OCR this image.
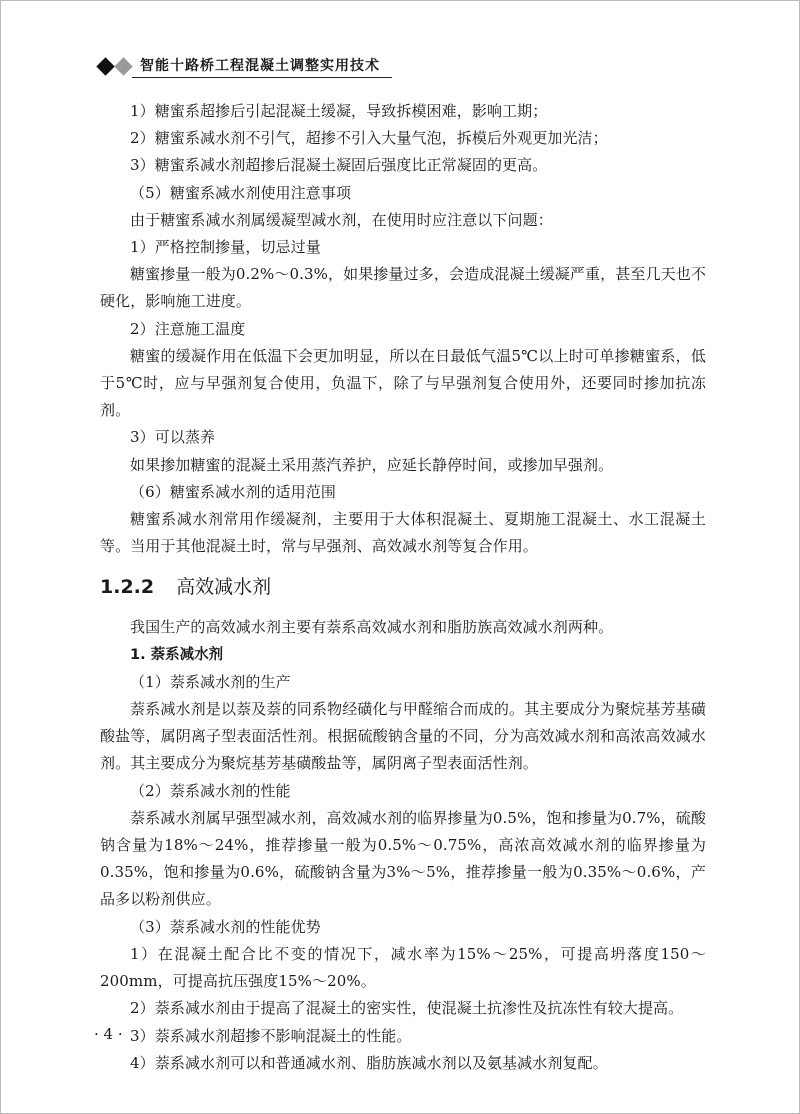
智能十路桥工程混凝土调整实用技术

1）糖蜜系超掺后引起混凝土缓凝，导致拆模困难，影响工期；

2）糖蜜系减水剂不引气，超掺不引入大量气泡，拆模后外观更加光洁；

3）糖蜜系减水剂超掺后混凝土凝固后强度比正常凝固的更高。

（5）糖蜜系减水剂使用注意事项

由于糖蜜系减水剂属缓凝型减水剂，在使用时应注意以下问题：

1）严格控制掺量，切忌过量

糖蜜掺量一般为0.2%～0.3%，如果掺量过多，会造成混凝土缓凝严重，甚至几天也不硬化，影响施工进度。

2）注意施工温度

糖蜜的缓凝作用在低温下会更加明显，所以在日最低气温5℃以上时可单掺糖蜜系，低于5℃时，应与早强剂复合使用，负温下，除了与早强剂复合使用外，还要同时掺加抗冻剂。

3）可以蒸养

如果掺加糖蜜的混凝土采用蒸汽养护，应延长静停时间，或掺加早强剂。

（6）糖蜜系减水剂的适用范围

糖蜜系减水剂常用作缓凝剂，主要用于大体积混凝土、夏期施工混凝土、水工混凝土等。当用于其他混凝土时，常与早强剂、高效减水剂等复合作用。

1.2.2 高效减水剂

我国生产的高效减水剂主要有萘系高效减水剂和脂肪族高效减水剂两种。

1. 萘系减水剂

（1）萘系减水剂的生产

萘系减水剂是以萘及萘的同系物经磺化与甲醛缩合而成的。其主要成分为聚烷基芳基磺酸盐等，属阴离子型表面活性剂。根据硫酸钠含量的不同，分为高效减水剂和高浓高效减水剂。其主要成分为聚烷基芳基磺酸盐等，属阴离子型表面活性剂。

（2）萘系减水剂的性能

萘系减水剂属早强型减水剂，高效减水剂的临界掺量为0.5%，饱和掺量为0.7%，硫酸钠含量为18%～24%，推荐掺量一般为0.5%～0.75%，高浓高效减水剂的临界掺量为0.35%，饱和掺量为0.6%，硫酸钠含量为3%～5%，推荐掺量一般为0.35%～0.6%，产品多以粉剂供应。

（3）萘系减水剂的性能优势

1）在混凝土配合比不变的情况下，减水率为15%～25%，可提高坍落度150～200mm，可提高抗压强度15%～20%。

2）萘系减水剂由于提高了混凝土的密实性，使混凝土抗渗性及抗冻性有较大提高。

3）萘系减水剂超掺不影响混凝土的性能。

4）萘系减水剂可以和普通减水剂、脂肪族减水剂以及氨基减水剂复配。

· 4 ·
